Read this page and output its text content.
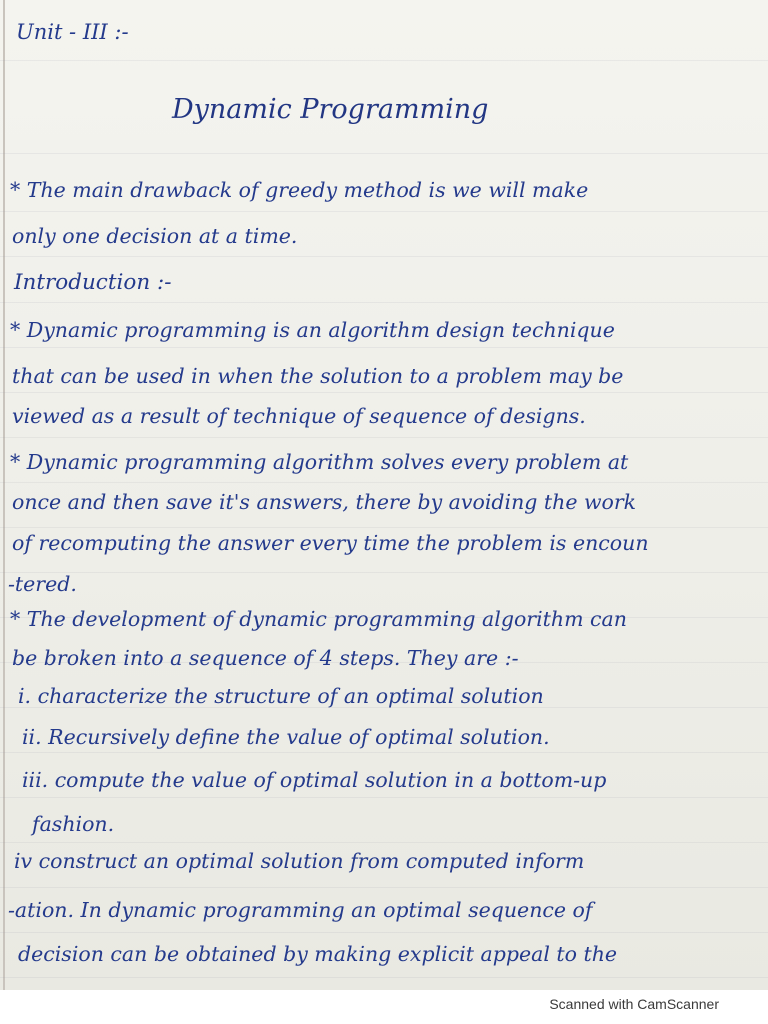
Unit - III :-
Dynamic Programming
* The main drawback of greedy method is we will make
only one decision at a time.
Introduction :-
* Dynamic programming is an algorithm design technique
that can be used in when the solution to a problem may be
viewed as a result of technique of sequence of designs.
* Dynamic programming algorithm solves every problem at
once and then save it's answers, there by avoiding the work
of recomputing the answer every time the problem is encoun
-tered.
* The development of dynamic programming algorithm can
be broken into a sequence of 4 steps. They are :-
i. characterize the structure of an optimal solution
ii. Recursively define the value of optimal solution.
iii. compute the value of optimal solution in a bottom-up
fashion.
iv construct an optimal solution from computed inform
-ation. In dynamic programming an optimal sequence of
decision can be obtained by making explicit appeal to the
Scanned with CamScanner
